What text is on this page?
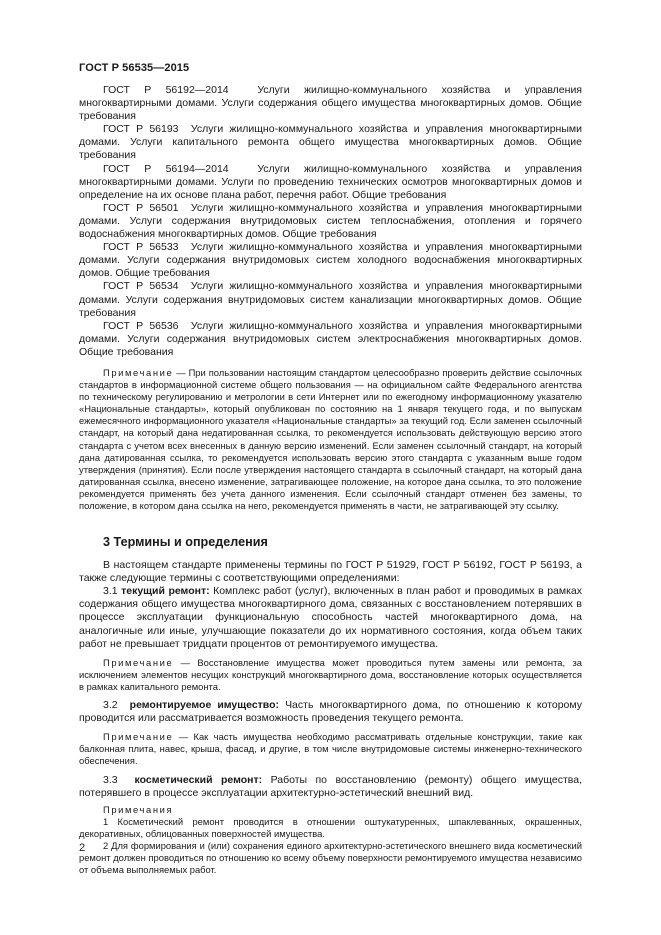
ГОСТ Р 56535—2015

ГОСТ Р 56192—2014	Услуги жилищно-коммунального хозяйства и управления многоквартирными домами. Услуги содержания общего имущества многоквартирных домов. Общие требования

ГОСТ Р 56193 Услуги жилищно-коммунального хозяйства и управления многоквартирными домами. Услуги капитального ремонта общего имущества многоквартирных домов. Общие требования

ГОСТ Р 56194—2014	Услуги жилищно-коммунального хозяйства и управления многоквартирными домами. Услуги по проведению технических осмотров многоквартирных домов и определение на их основе плана работ, перечня работ. Общие требования

ГОСТ Р 56501 Услуги жилищно-коммунального хозяйства и управления многоквартирными домами. Услуги содержания внутридомовых систем теплоснабжения, отопления и горячего водоснабжения многоквартирных домов. Общие требования

ГОСТ Р 56533 Услуги жилищно-коммунального хозяйства и управления многоквартирными домами. Услуги содержания внутридомовых систем холодного водоснабжения многоквартирных домов. Общие требования

ГОСТ Р 56534 Услуги жилищно-коммунального хозяйства и управления многоквартирными домами. Услуги содержания внутридомовых систем канализации многоквартирных домов. Общие требования

ГОСТ Р 56536 Услуги жилищно-коммунального хозяйства и управления многоквартирными домами. Услуги содержания внутридомовых систем электроснабжения многоквартирных домов. Общие требования

Примечание — При пользовании настоящим стандартом целесообразно проверить действие ссылочных стандартов в информационной системе общего пользования — на официальном сайте Федерального агентства по техническому регулированию и метрологии в сети Интернет или по ежегодному информационному указателю «Национальные стандарты», который опубликован по состоянию на 1 января текущего года, и по выпускам ежемесячного информационного указателя «Национальные стандарты» за текущий год. Если заменен ссылочный стандарт, на который дана недатированная ссылка, то рекомендуется использовать действующую версию этого стандарта с учетом всех внесенных в данную версию изменений. Если заменен ссылочный стандарт, на который дана датированная ссылка, то рекомендуется использовать версию этого стандарта с указанным выше годом утверждения (принятия). Если после утверждения настоящего стандарта в ссылочный стандарт, на который дана датированная ссылка, внесено изменение, затрагивающее положение, на которое дана ссылка, то это положение рекомендуется применять без учета данного изменения. Если ссылочный стандарт отменен без замены, то положение, в котором дана ссылка на него, рекомендуется применять в части, не затрагивающей эту ссылку.

3 Термины и определения

В настоящем стандарте применены термины по ГОСТ Р 51929, ГОСТ Р 56192, ГОСТ Р 56193, а также следующие термины с соответствующими определениями:

3.1 текущий ремонт: Комплекс работ (услуг), включенных в план работ и проводимых в рамках содержания общего имущества многоквартирного дома, связанных с восстановлением потерявших в процессе эксплуатации функциональную способность частей многоквартирного дома, на аналогичные или иные, улучшающие показатели до их нормативного состояния, когда объем таких работ не превышает тридцати процентов от ремонтируемого имущества.

Примечание — Восстановление имущества может проводиться путем замены или ремонта, за исключением элементов несущих конструкций многоквартирного дома, восстановление которых осуществляется в рамках капитального ремонта.

3.2 ремонтируемое имущество: Часть многоквартирного дома, по отношению к которому проводится или рассматривается возможность проведения текущего ремонта.

Примечание — Как часть имущества необходимо рассматривать отдельные конструкции, такие как балконная плита, навес, крыша, фасад, и другие, в том числе внутридомовые системы инженерно-технического обеспечения.

3.3 косметический ремонт: Работы по восстановлению (ремонту) общего имущества, потерявшего в процессе эксплуатации архитектурно-эстетический внешний вид.

Примечания

1 Косметический ремонт проводится в отношении оштукатуренных, шпаклеванных, окрашенных, декоративных, облицованных поверхностей имущества.

2 Для формирования и (или) сохранения единого архитектурно-эстетического внешнего вида косметический ремонт должен проводиться по отношению ко всему объему поверхности ремонтируемого имущества независимо от объема выполняемых работ.

2
